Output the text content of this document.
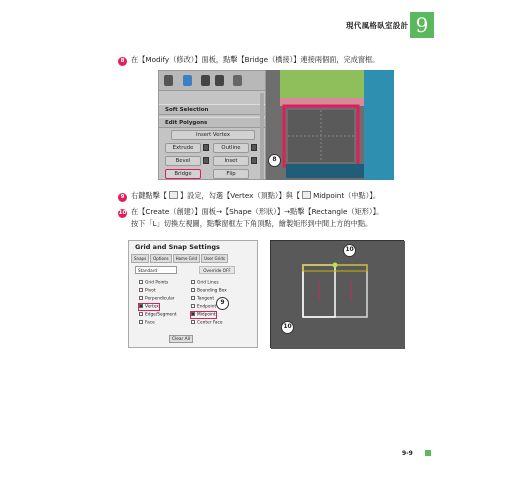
現代風格臥室設計 9
8 在【Modify（修改）】面板，點擊【Bridge（橋接）】連接兩個面，完成窗框。
Soft Selection
Edit Polygons
Insert Vertex
Extrude	Outline
Bevel	Inset
Bridge	Flip
8
9 右鍵點擊【 】設定，勾選【Vertex（頂點）】與【 Midpoint（中點）】。
10 在【Create（創建）】面板→【Shape（形狀）】→點擊【Rectangle（矩形）】。
按下「L」切換左視圖，點擊窗框左下角頂點，繪製矩形到中間上方的中點。
Grid and Snap Settings
Snaps Options Home Grid User Grids
Standard	Override OFF
Grid Points
Pivot
Perpendicular
Vertex
Edge/Segment
Face
Grid Lines
Bounding Box
Tangent
Endpoint
Midpoint
Center Face
Clear All
9
10
10
9-9
